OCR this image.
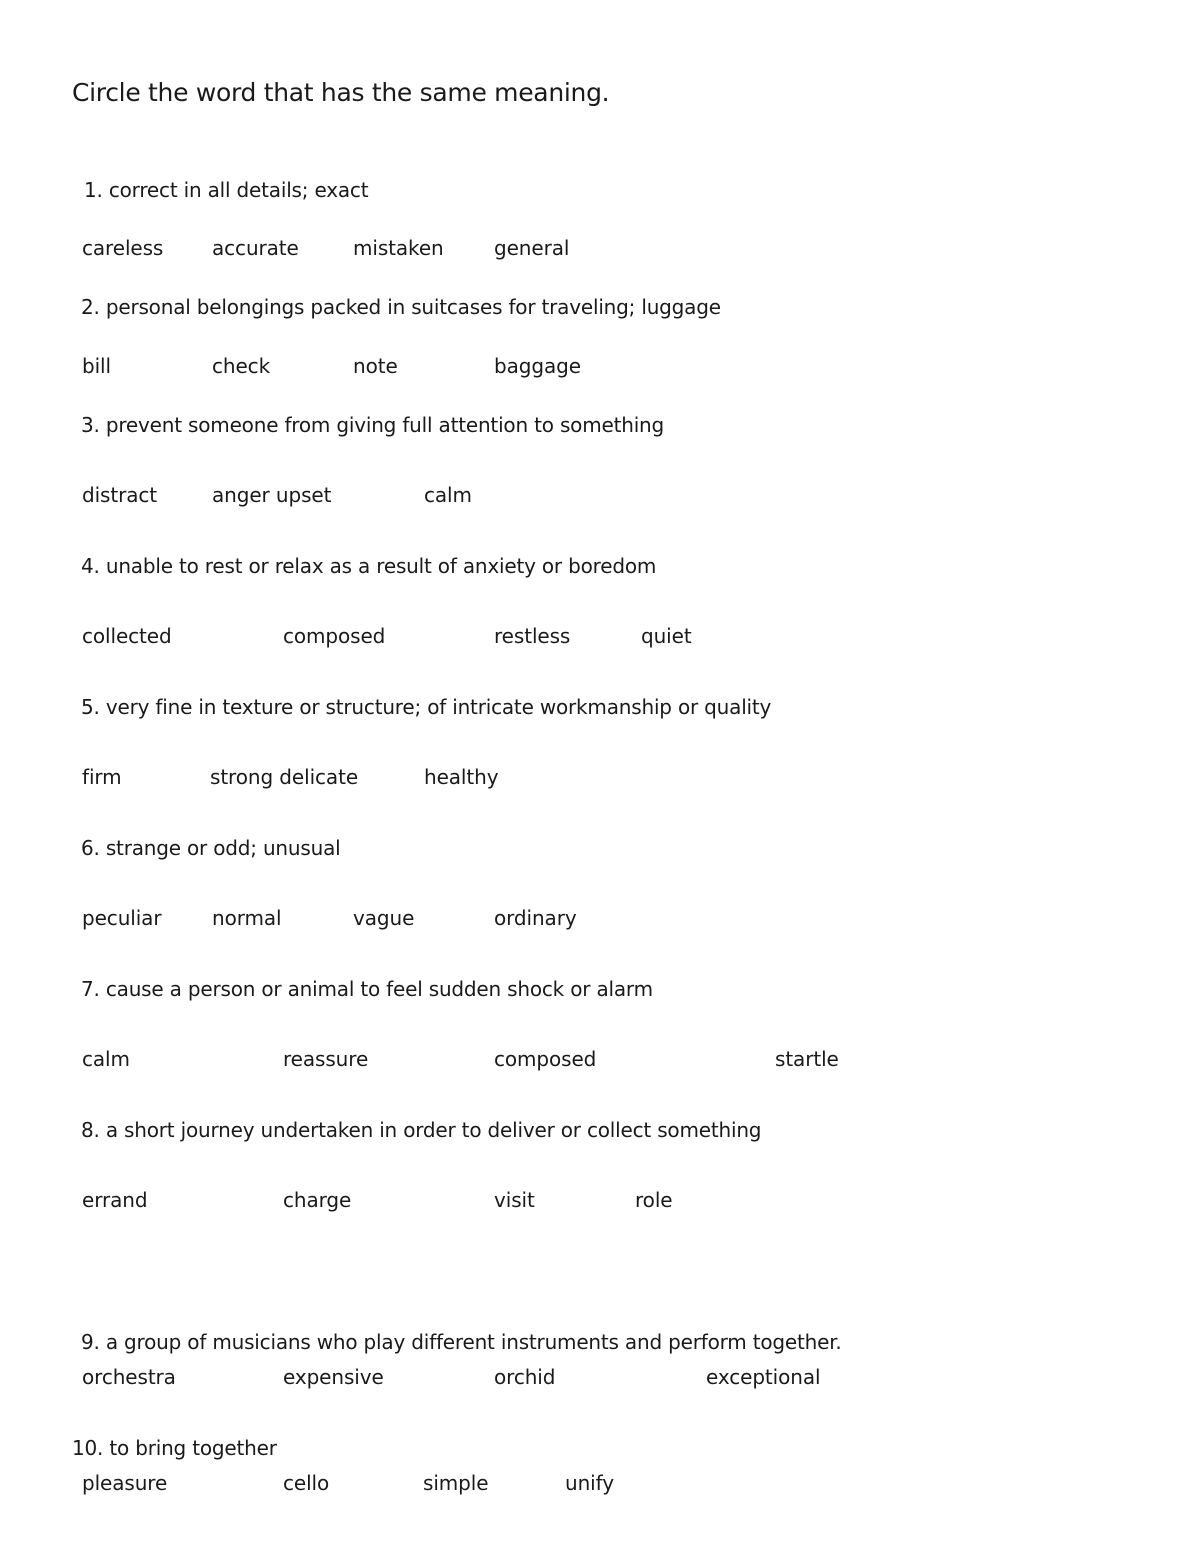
Circle the word that has the same meaning.
1. correct in all details; exact
careless accurate	mistaken	general
2. personal belongings packed in suitcases for traveling; luggage
bill	check	note	baggage
3. prevent someone from giving full attention to something
distract	anger upset	calm
4. unable to rest or relax as a result of anxiety or boredom
collected	composed	restless	quiet
5. very fine in texture or structure; of intricate workmanship or quality
firm	strong delicate	healthy
6. strange or odd; unusual
peculiar	normal	vague	ordinary
7. cause a person or animal to feel sudden shock or alarm
calm	reassure	composed	startle
8. a short journey undertaken in order to deliver or collect something
errand	charge	visit	role
9. a group of musicians who play different instruments and perform together.
orchestra	expensive	orchid	exceptional
10. to bring together
pleasure	cello	simple	unify
